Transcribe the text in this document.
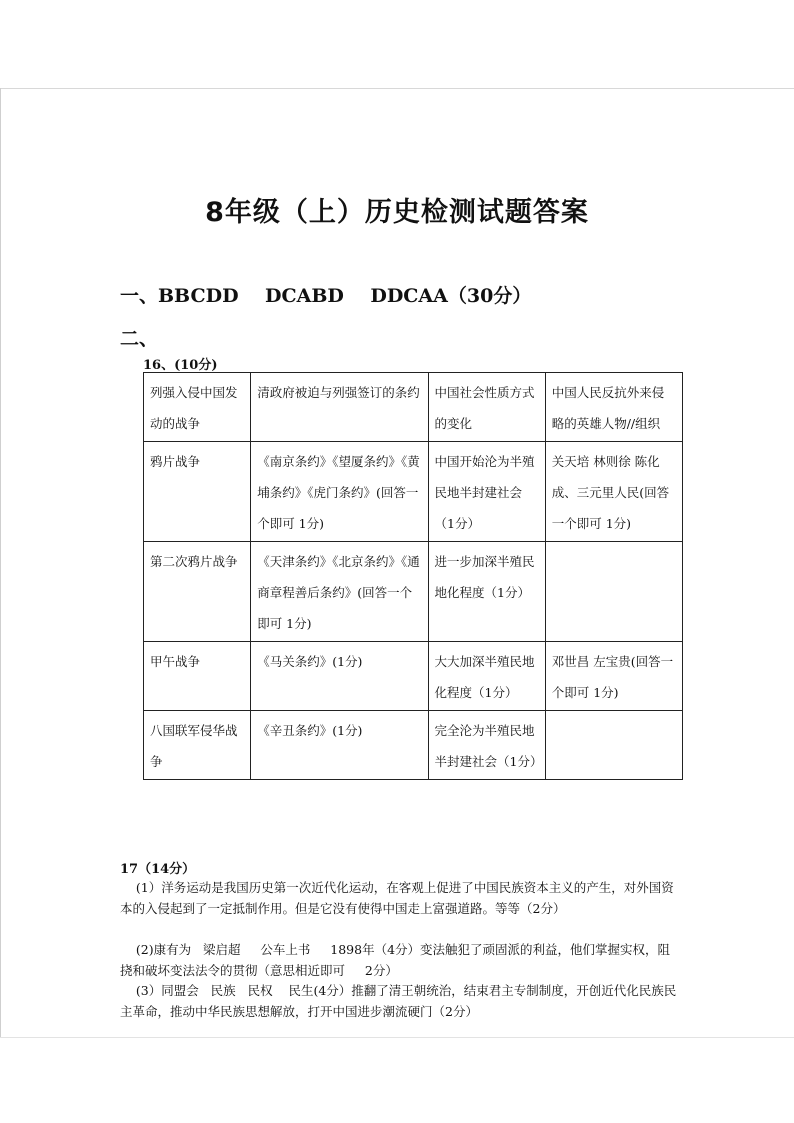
8年级（上）历史检测试题答案
一、BBCDD    DCABD    DDCAA（30分）
二、
16、(10分)
列强入侵中国发动的战争	清政府被迫与列强签订的条约	中国社会性质方式的变化	中国人民反抗外来侵略的英雄人物//组织
鸦片战争	《南京条约》《望厦条约》《黄埔条约》《虎门条约》(回答一个即可 1分)	中国开始沦为半殖民地半封建社会（1分）	关天培 林则徐 陈化成、三元里人民(回答一个即可 1分)
第二次鸦片战争	《天津条约》《北京条约》《通商章程善后条约》(回答一个即可 1分)	进一步加深半殖民地化程度（1分）	
甲午战争	《马关条约》(1分)	大大加深半殖民地化程度（1分）	邓世昌 左宝贵(回答一个即可 1分)
八国联军侵华战争	《辛丑条约》(1分)	完全沦为半殖民地半封建社会（1分）	
17（14分）
(1）洋务运动是我国历史第一次近代化运动，在客观上促进了中国民族资本主义的产生，对外国资本的入侵起到了一定抵制作用。但是它没有使得中国走上富强道路。等等（2分）
(2)康有为   梁启超     公车上书     1898年（4分）变法触犯了顽固派的利益，他们掌握实权，阻挠和破坏变法法令的贯彻（意思相近即可     2分）
(3）同盟会   民族   民权    民生(4分）推翻了清王朝统治，结束君主专制制度，开创近代化民族民主革命，推动中华民族思想解放，打开中国进步潮流硬门（2分）
